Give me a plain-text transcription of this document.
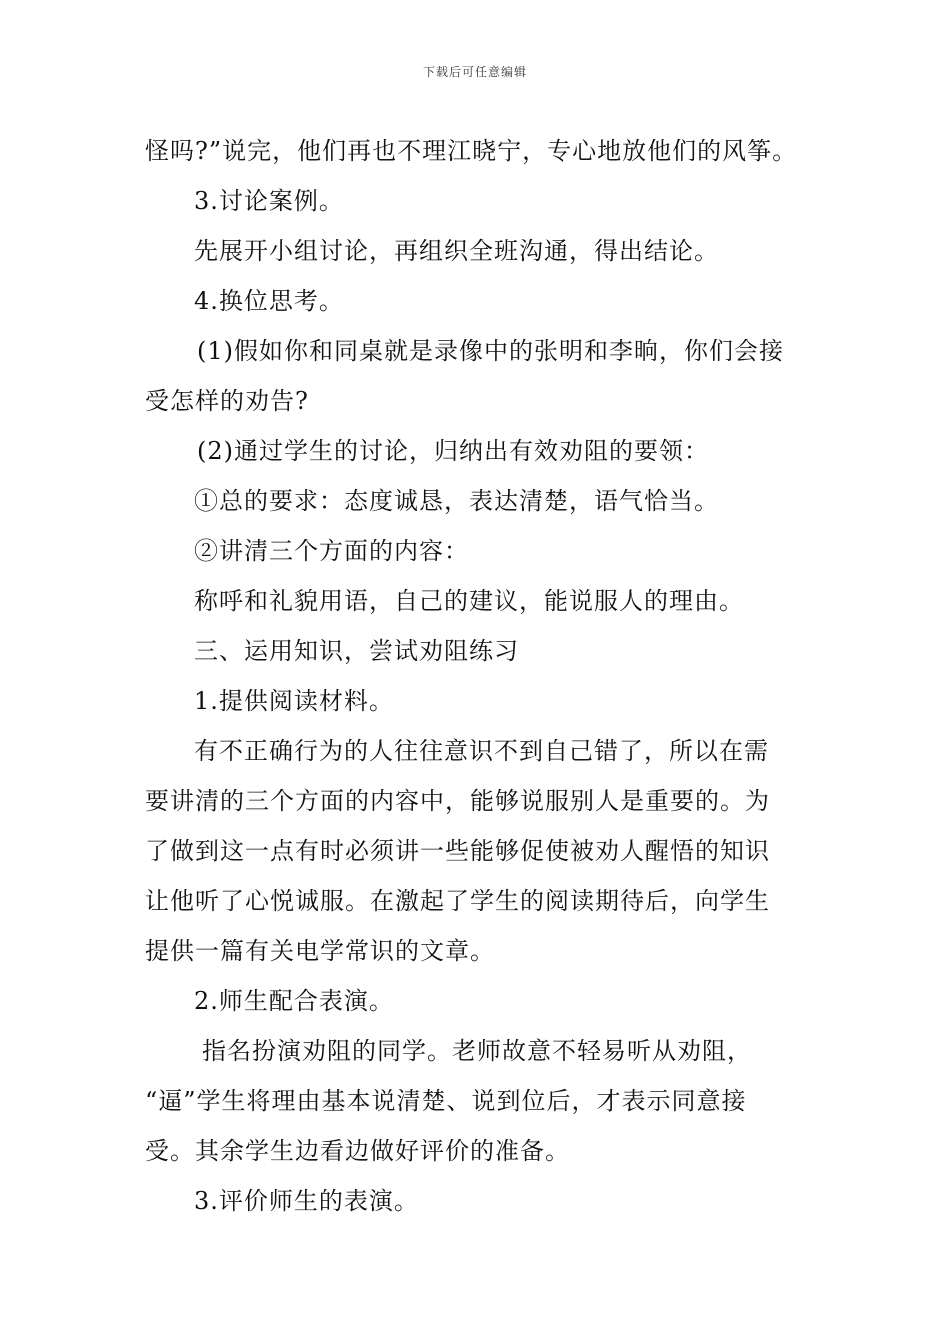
下载后可任意编辑
怪吗?”说完，他们再也不理江晓宁，专心地放他们的风筝。
3.讨论案例。
先展开小组讨论，再组织全班沟通，得出结论。
4.换位思考。
(1)假如你和同桌就是录像中的张明和李晌，你们会接
受怎样的劝告?
(2)通过学生的讨论，归纳出有效劝阻的要领：
①总的要求：态度诚恳，表达清楚，语气恰当。
②讲清三个方面的内容：
称呼和礼貌用语，自己的建议，能说服人的理由。
三、运用知识，尝试劝阻练习
1.提供阅读材料。
有不正确行为的人往往意识不到自己错了，所以在需
要讲清的三个方面的内容中，能够说服别人是重要的。为
了做到这一点有时必须讲一些能够促使被劝人醒悟的知识
让他听了心悦诚服。在激起了学生的阅读期待后，向学生
提供一篇有关电学常识的文章。
2.师生配合表演。
指名扮演劝阻的同学。老师故意不轻易听从劝阻，
“逼”学生将理由基本说清楚、说到位后，才表示同意接
受。其余学生边看边做好评价的准备。
3.评价师生的表演。
